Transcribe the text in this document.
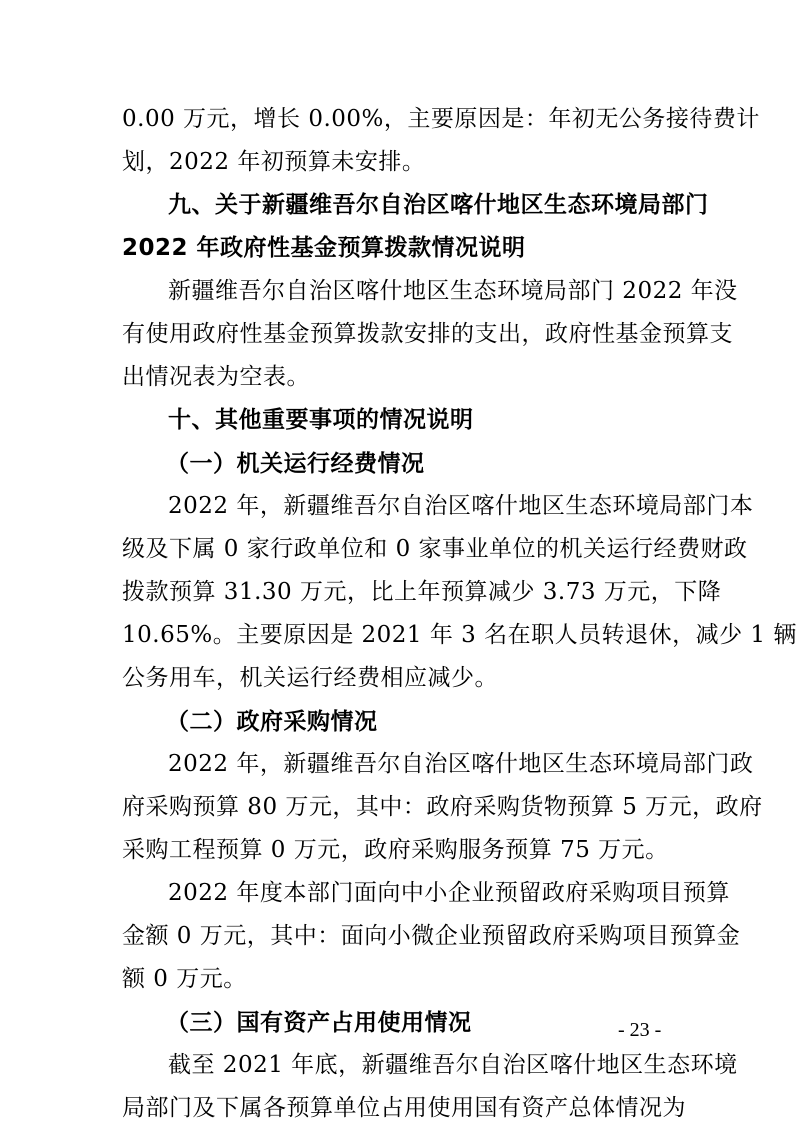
0.00 万元，增长 0.00%，主要原因是：年初无公务接待费计
划，2022 年初预算未安排。
九、关于新疆维吾尔自治区喀什地区生态环境局部门
2022 年政府性基金预算拨款情况说明
新疆维吾尔自治区喀什地区生态环境局部门 2022 年没
有使用政府性基金预算拨款安排的支出，政府性基金预算支
出情况表为空表。
十、其他重要事项的情况说明
（一）机关运行经费情况
2022 年，新疆维吾尔自治区喀什地区生态环境局部门本
级及下属 0 家行政单位和 0 家事业单位的机关运行经费财政
拨款预算 31.30 万元，比上年预算减少 3.73 万元，下降
10.65%。主要原因是 2021 年 3 名在职人员转退休，减少 1 辆
公务用车，机关运行经费相应减少。
（二）政府采购情况
2022 年，新疆维吾尔自治区喀什地区生态环境局部门政
府采购预算 80 万元，其中：政府采购货物预算 5 万元，政府
采购工程预算 0 万元，政府采购服务预算 75 万元。
2022 年度本部门面向中小企业预留政府采购项目预算
金额 0 万元，其中：面向小微企业预留政府采购项目预算金
额 0 万元。
（三）国有资产占用使用情况
截至 2021 年底，新疆维吾尔自治区喀什地区生态环境
局部门及下属各预算单位占用使用国有资产总体情况为
- 23 -
